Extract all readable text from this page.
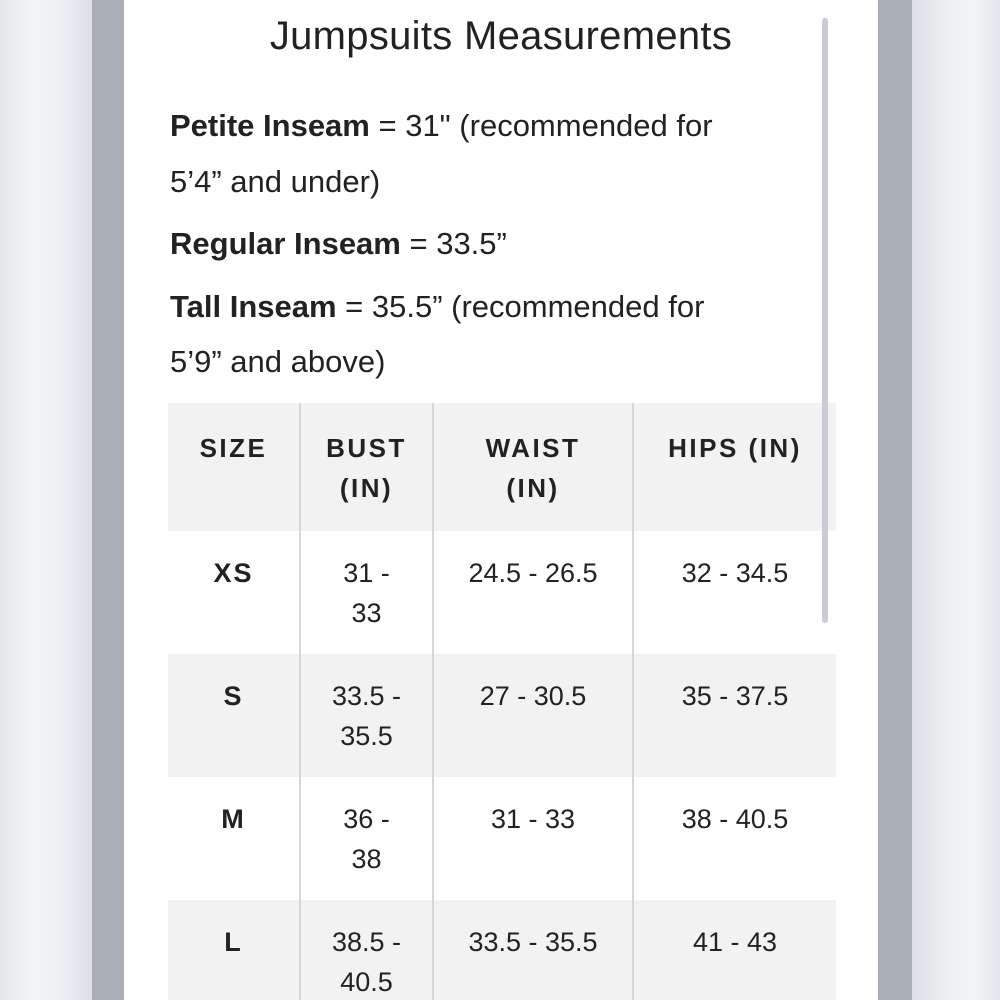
Jumpsuits Measurements
Petite Inseam = 31" (recommended for
5’4” and under)
Regular Inseam = 33.5”
Tall Inseam = 35.5” (recommended for
5’9” and above)
SIZE	BUST (IN)	WAIST (IN)	HIPS (IN)
XS	31 - 33	24.5 - 26.5	32 - 34.5
S	33.5 - 35.5	27 - 30.5	35 - 37.5
M	36 - 38	31 - 33	38 - 40.5
L	38.5 - 40.5	33.5 - 35.5	41 - 43
